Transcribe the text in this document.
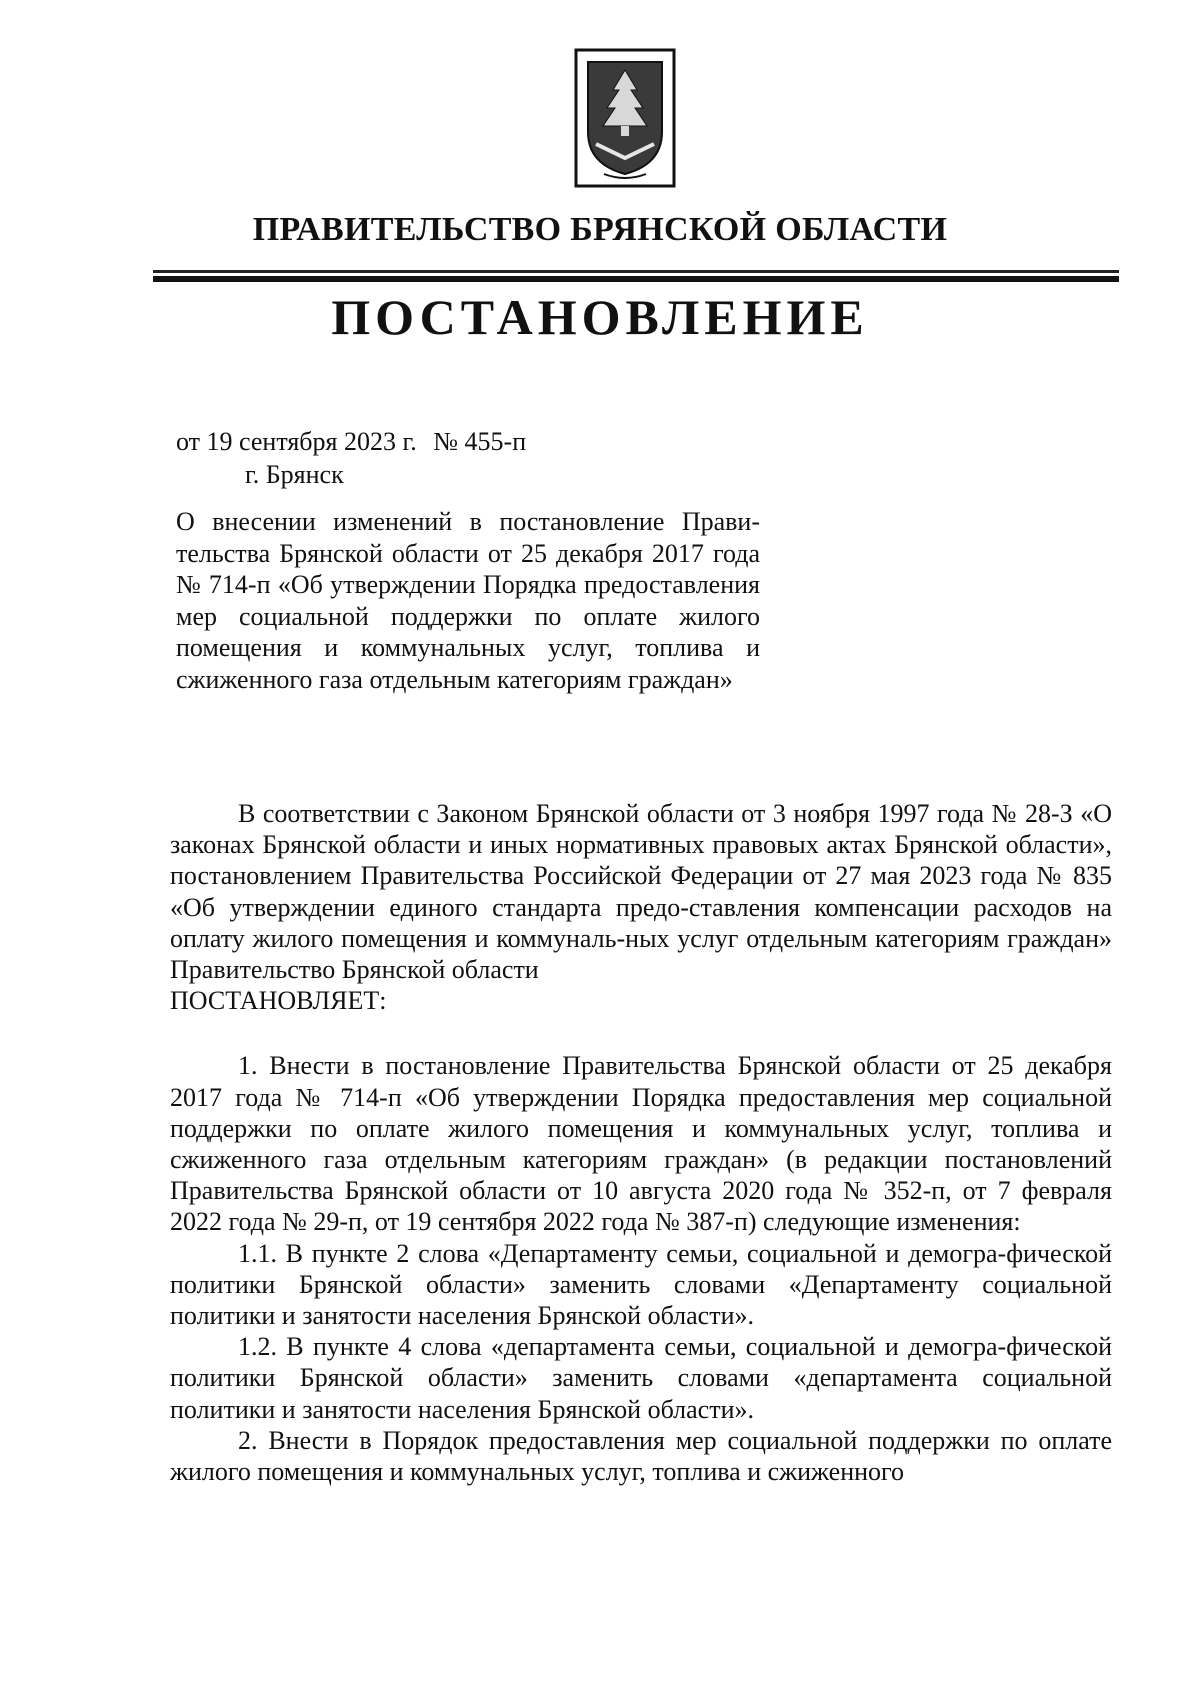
ПРАВИТЕЛЬСТВО БРЯНСКОЙ ОБЛАСТИ
ПОСТАНОВЛЕНИЕ
от 19 сентября 2023 г. № 455-п
г. Брянск
О внесении изменений в постановление Прави-тельства Брянской области от 25 декабря 2017 года № 714-п «Об утверждении Порядка предоставления мер социальной поддержки по оплате жилого помещения и коммунальных услуг, топлива и сжиженного газа отдельным категориям граждан»

В соответствии с Законом Брянской области от 3 ноября 1997 года № 28-З «О законах Брянской области и иных нормативных правовых актах Брянской области», постановлением Правительства Российской Федерации от 27 мая 2023 года № 835 «Об утверждении единого стандарта предо-ставления компенсации расходов на оплату жилого помещения и коммуналь-ных услуг отдельным категориям граждан» Правительство Брянской области

ПОСТАНОВЛЯЕТ:

1. Внести в постановление Правительства Брянской области от 25 декабря 2017 года № 714-п «Об утверждении Порядка предоставления мер социальной поддержки по оплате жилого помещения и коммунальных услуг, топлива и сжиженного газа отдельным категориям граждан» (в редакции постановлений Правительства Брянской области от 10 августа 2020 года № 352-п, от 7 февраля 2022 года № 29-п, от 19 сентября 2022 года № 387-п) следующие изменения:

1.1. В пункте 2 слова «Департаменту семьи, социальной и демогра-фической политики Брянской области» заменить словами «Департаменту социальной политики и занятости населения Брянской области».

1.2. В пункте 4 слова «департамента семьи, социальной и демогра-фической политики Брянской области» заменить словами «департамента социальной политики и занятости населения Брянской области».

2. Внести в Порядок предоставления мер социальной поддержки по оплате жилого помещения и коммунальных услуг, топлива и сжиженного
